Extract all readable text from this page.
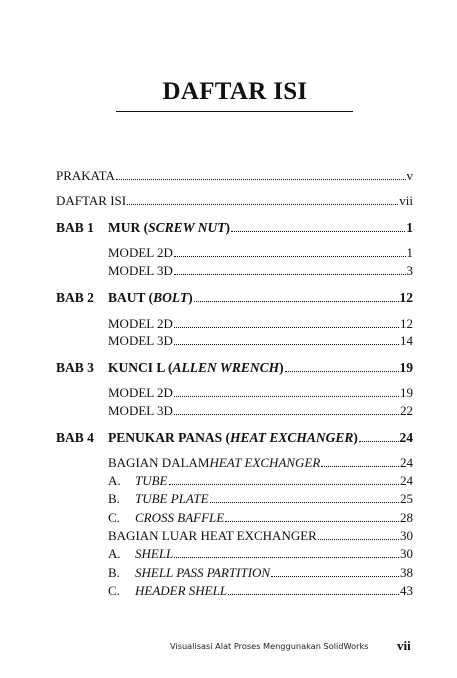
DAFTAR ISI
PRAKATA	v
DAFTAR ISI	vii
BAB 1	MUR ( SCREW NUT )	1
MODEL 2D	1
MODEL 3D	3
BAB 2	BAUT ( BOLT )	12
MODEL 2D	12
MODEL 3D	14
BAB 3	KUNCI L ( ALLEN WRENCH )	19
MODEL 2D	19
MODEL 3D	22
BAB 4	PENUKAR PANAS ( HEAT EXCHANGER )	24
BAGIAN DALAM HEAT EXCHANGER	24
A.	TUBE	24
B.	TUBE PLATE	25
C.	CROSS BAFFLE	28
BAGIAN LUAR HEAT EXCHANGER	30
A.	SHELL	30
B.	SHELL PASS PARTITION	38
C.	HEADER SHELL	43
Visualisasi Alat Proses Menggunakan SolidWorks vii
